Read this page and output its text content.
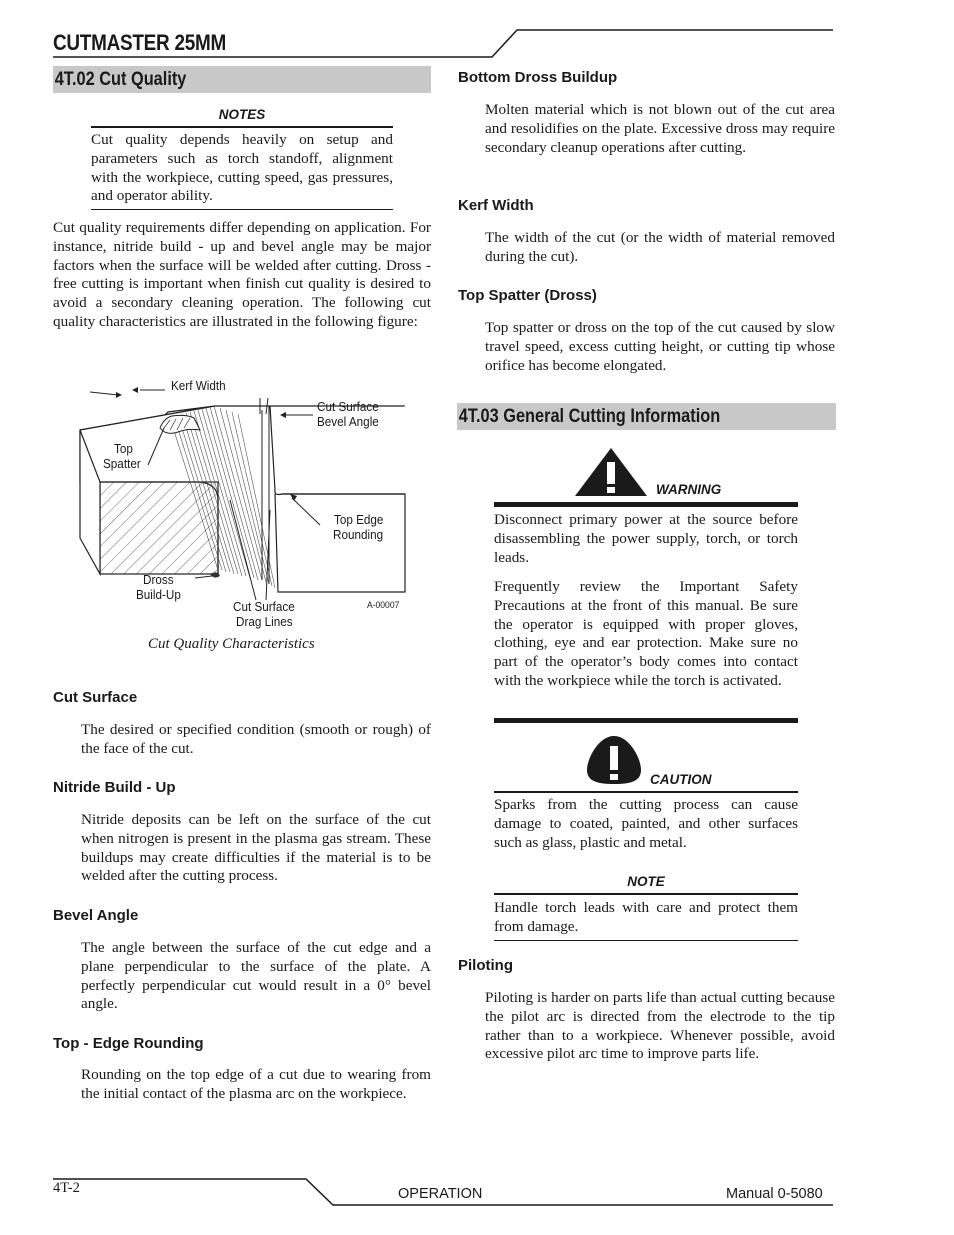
CUTMASTER 25MM
4T.02 Cut Quality
NOTES
Cut quality depends heavily on setup and parameters such as torch standoff, alignment with the workpiece, cutting speed, gas pressures, and operator ability.
Cut quality requirements differ depending on application. For instance, nitride build - up and bevel angle may be major factors when the surface will be welded after cutting. Dross - free cutting is important when finish cut quality is desired to avoid a secondary cleaning operation. The following cut quality characteristics are illustrated in the following figure:
Kerf Width
Cut Surface
Bevel Angle
Top
Spatter
Top Edge
Rounding
Dross
Build-Up
Cut Surface
Drag Lines
A-00007
Cut Quality Characteristics
Cut Surface
The desired or specified condition (smooth or rough) of the face of the cut.
Nitride Build - Up
Nitride deposits can be left on the surface of the cut when nitrogen is present in the plasma gas stream. These buildups may create difficulties if the material is to be welded after the cutting process.
Bevel Angle
The angle between the surface of the cut edge and a plane perpendicular to the surface of the plate. A perfectly perpendicular cut would result in a 0° bevel angle.
Top - Edge Rounding
Rounding on the top edge of a cut due to wearing from the initial contact of the plasma arc on the workpiece.
Bottom Dross Buildup
Molten material which is not blown out of the cut area and resolidifies on the plate. Excessive dross may require secondary cleanup operations after cutting.
Kerf Width
The width of the cut (or the width of material removed during the cut).
Top Spatter (Dross)
Top spatter or dross on the top of the cut caused by slow travel speed, excess cutting height, or cutting tip whose orifice has become elongated.
4T.03 General Cutting Information
WARNING
Disconnect primary power at the source before disassembling the power supply, torch, or torch leads.
Frequently review the Important Safety Precautions at the front of this manual. Be sure the operator is equipped with proper gloves, clothing, eye and ear protection. Make sure no part of the operator’s body comes into contact with the workpiece while the torch is activated.
CAUTION
Sparks from the cutting process can cause damage to coated, painted, and other surfaces such as glass, plastic and metal.
NOTE
Handle torch leads with care and protect them from damage.
Piloting
Piloting is harder on parts life than actual cutting because the pilot arc is directed from the electrode to the tip rather than to a workpiece. Whenever possible, avoid excessive pilot arc time to improve parts life.
4T-2	OPERATION	Manual 0-5080
